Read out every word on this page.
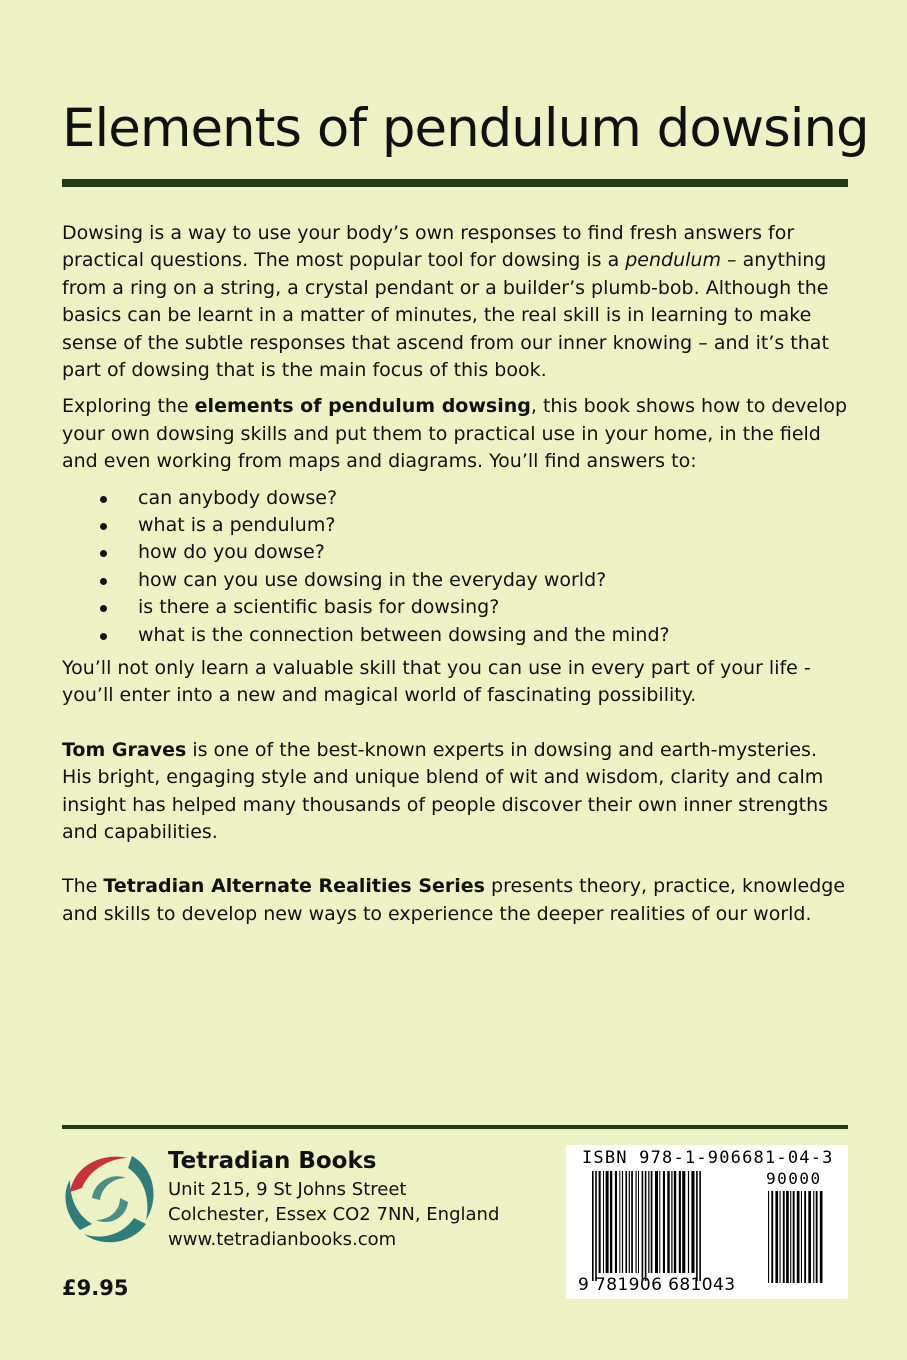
Elements of pendulum dowsing

Dowsing is a way to use your body’s own responses to find fresh answers for practical questions. The most popular tool for dowsing is a pendulum – anything from a ring on a string, a crystal pendant or a builder’s plumb-bob. Although the basics can be learnt in a matter of minutes, the real skill is in learning to make sense of the subtle responses that ascend from our inner knowing – and it’s that part of dowsing that is the main focus of this book.

Exploring the elements of pendulum dowsing, this book shows how to develop your own dowsing skills and put them to practical use in your home, in the field and even working from maps and diagrams. You’ll find answers to:

can anybody dowse?
what is a pendulum?
how do you dowse?
how can you use dowsing in the everyday world?
is there a scientific basis for dowsing?
what is the connection between dowsing and the mind?

You’ll not only learn a valuable skill that you can use in every part of your life - you’ll enter into a new and magical world of fascinating possibility.

Tom Graves is one of the best-known experts in dowsing and earth-mysteries. His bright, engaging style and unique blend of wit and wisdom, clarity and calm insight has helped many thousands of people discover their own inner strengths and capabilities.

The Tetradian Alternate Realities Series presents theory, practice, knowledge and skills to develop new ways to experience the deeper realities of our world.

Tetradian Books
Unit 215, 9 St Johns Street
Colchester, Essex CO2 7NN, England
www.tetradianbooks.com
£9.95
ISBN 978-1-906681-04-3
90000
9 781906 681043
